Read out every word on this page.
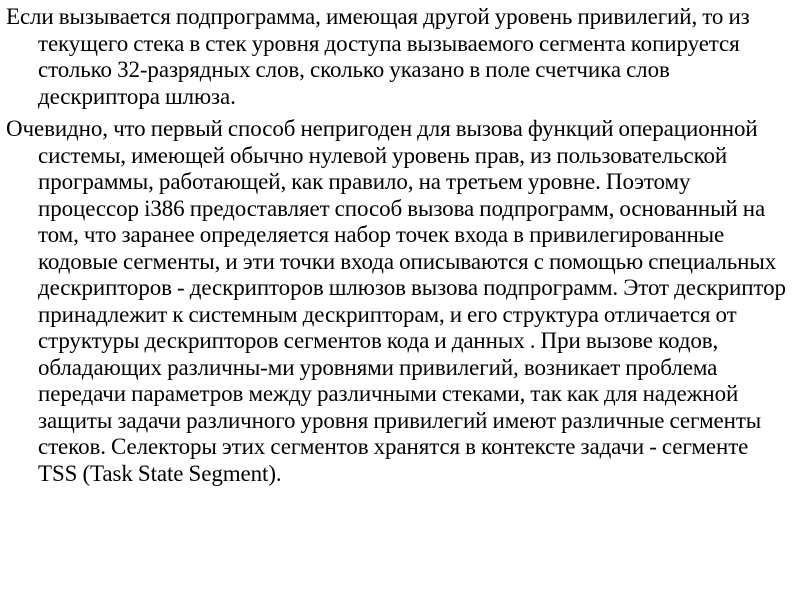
Если вызывается подпрограмма, имеющая другой уровень привилегий, то из текущего стека в стек уровня доступа вызываемого сегмента копируется столько 32-разрядных слов, сколько указано в поле счетчика слов дескриптора шлюза.

Очевидно, что первый способ непригоден для вызова функций операционной системы, имеющей обычно нулевой уровень прав, из пользовательской программы, работающей, как правило, на третьем уровне. Поэтому процессор i386 предоставляет способ вызова подпрограмм, основанный на том, что заранее определяется набор точек входа в привилегированные кодовые сегменты, и эти точки входа описываются с помощью специальных дескрипторов - дескрипторов шлюзов вызова подпрограмм. Этот дескриптор принадлежит к системным дескрипторам, и его структура отличается от структуры дескрипторов сегментов кода и данных . При вызове кодов, обладающих различны-ми уровнями привилегий, возникает проблема передачи параметров между различными стеками, так как для надежной защиты задачи различного уровня привилегий имеют различные сегменты стеков. Селекторы этих сегментов хранятся в контексте задачи - сегменте TSS (Task State Segment).
